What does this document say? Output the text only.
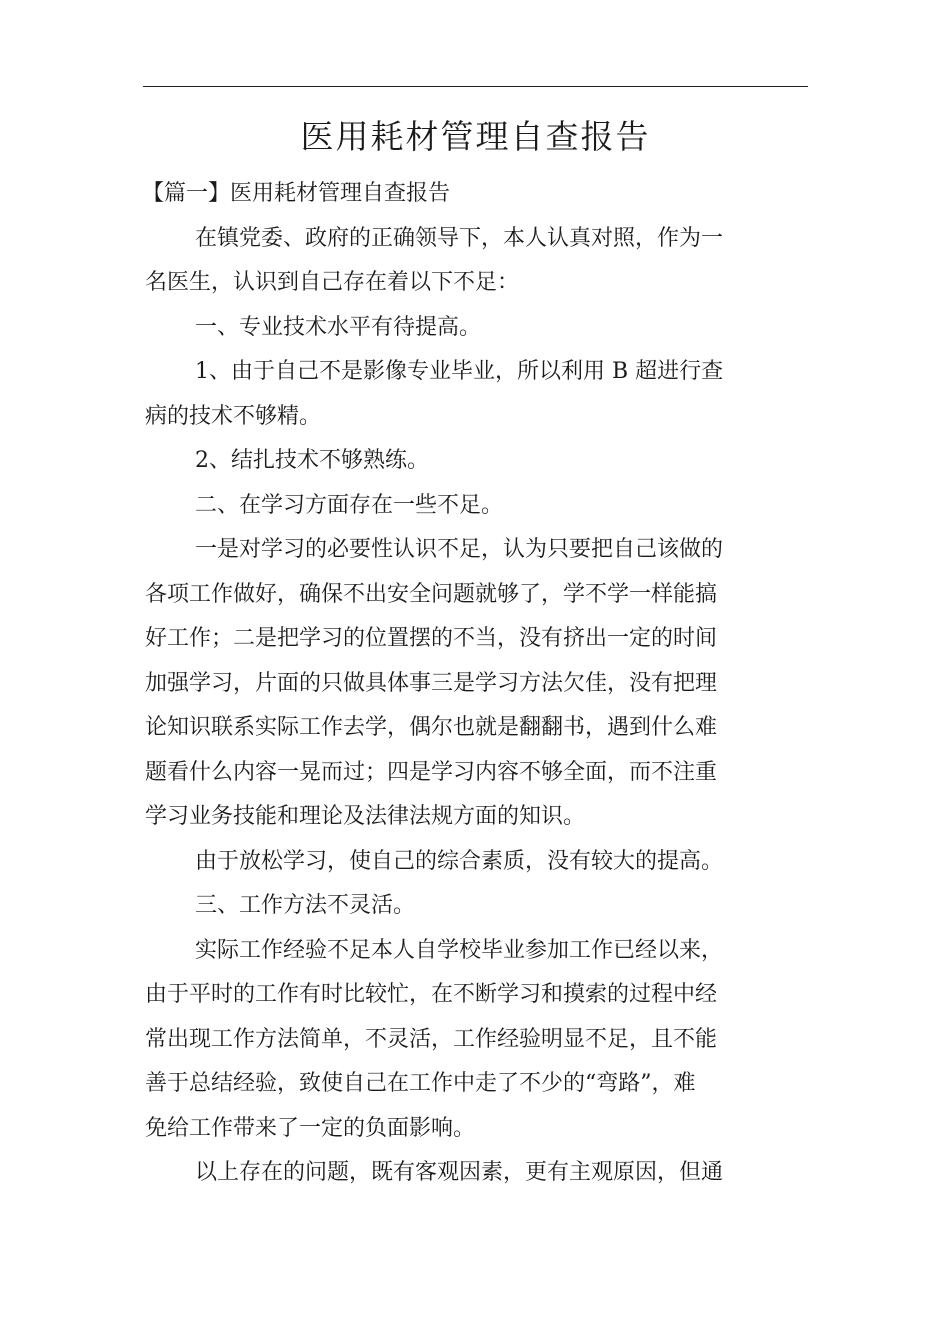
医用耗材管理自查报告
【篇一】医用耗材管理自查报告
在镇党委、政府的正确领导下，本人认真对照，作为一
名医生，认识到自己存在着以下不足：
一、专业技术水平有待提高。
1、由于自己不是影像专业毕业，所以利用 B 超进行查
病的技术不够精。
2、结扎技术不够熟练。
二、在学习方面存在一些不足。
一是对学习的必要性认识不足，认为只要把自己该做的
各项工作做好，确保不出安全问题就够了，学不学一样能搞
好工作；二是把学习的位置摆的不当，没有挤出一定的时间
加强学习，片面的只做具体事三是学习方法欠佳，没有把理
论知识联系实际工作去学，偶尔也就是翻翻书，遇到什么难
题看什么内容一晃而过；四是学习内容不够全面，而不注重
学习业务技能和理论及法律法规方面的知识。
由于放松学习，使自己的综合素质，没有较大的提高。
三、工作方法不灵活。
实际工作经验不足本人自学校毕业参加工作已经以来，
由于平时的工作有时比较忙，在不断学习和摸索的过程中经
常出现工作方法简单，不灵活，工作经验明显不足，且不能
善于总结经验，致使自己在工作中走了不少的“弯路”，难
免给工作带来了一定的负面影响。
以上存在的问题，既有客观因素，更有主观原因，但通
